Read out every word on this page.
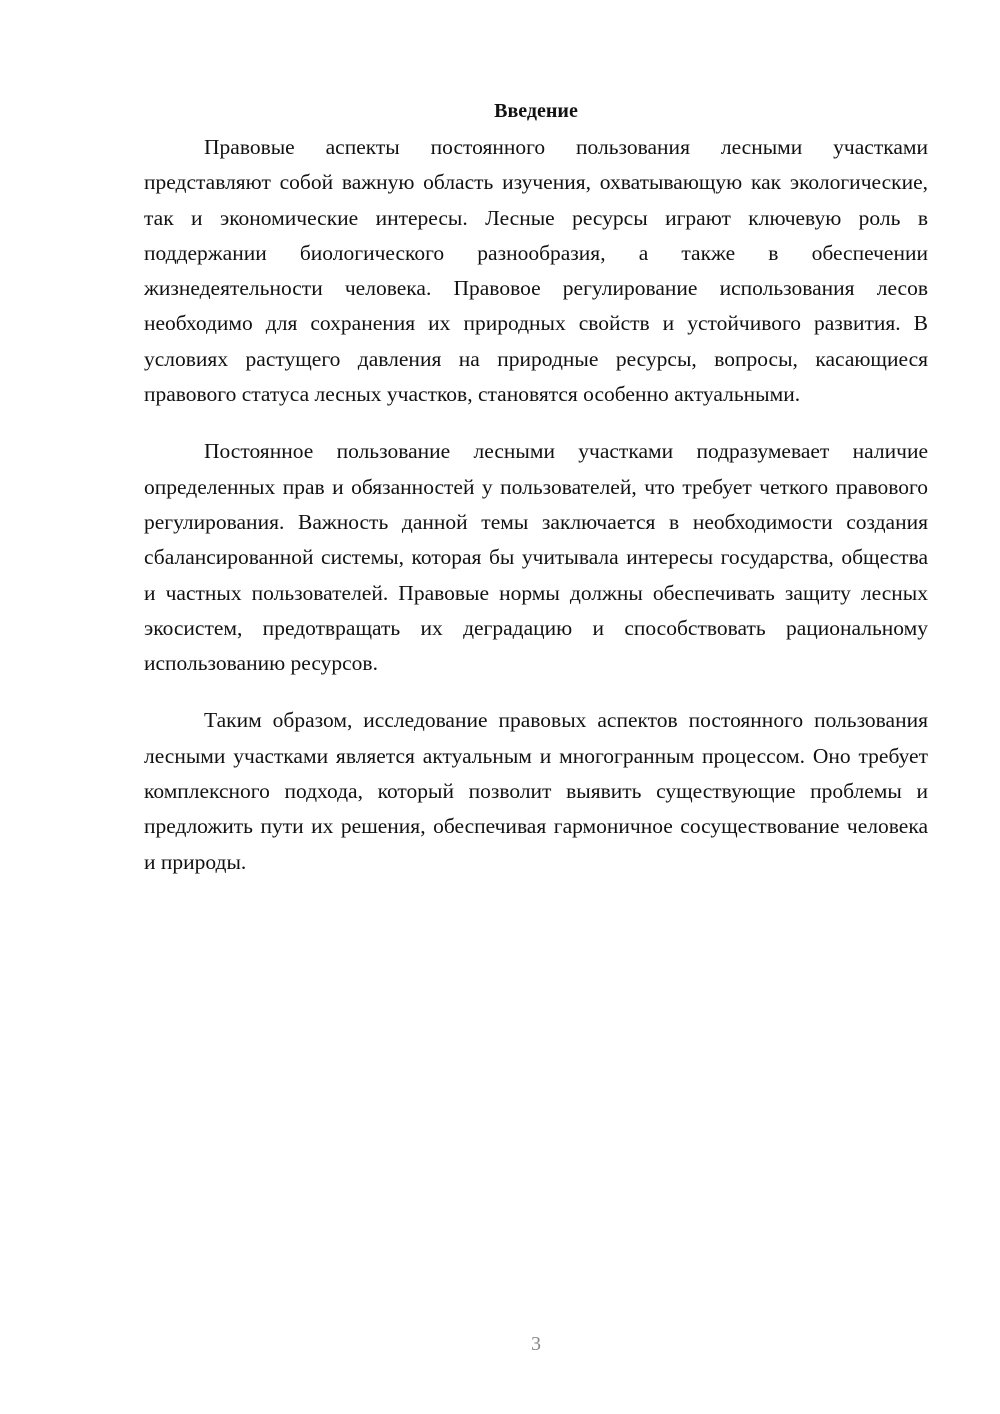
Введение

Правовые аспекты постоянного пользования лесными участками представляют собой важную область изучения, охватывающую как экологические, так и экономические интересы. Лесные ресурсы играют ключевую роль в поддержании биологического разнообразия, а также в обеспечении жизнедеятельности человека. Правовое регулирование использования лесов необходимо для сохранения их природных свойств и устойчивого развития. В условиях растущего давления на природные ресурсы, вопросы, касающиеся правового статуса лесных участков, становятся особенно актуальными.

Постоянное пользование лесными участками подразумевает наличие определенных прав и обязанностей у пользователей, что требует четкого правового регулирования. Важность данной темы заключается в необходимости создания сбалансированной системы, которая бы учитывала интересы государства, общества и частных пользователей. Правовые нормы должны обеспечивать защиту лесных экосистем, предотвращать их деградацию и способствовать рациональному использованию ресурсов.

Таким образом, исследование правовых аспектов постоянного пользования лесными участками является актуальным и многогранным процессом. Оно требует комплексного подхода, который позволит выявить существующие проблемы и предложить пути их решения, обеспечивая гармоничное сосуществование человека и природы.

3
